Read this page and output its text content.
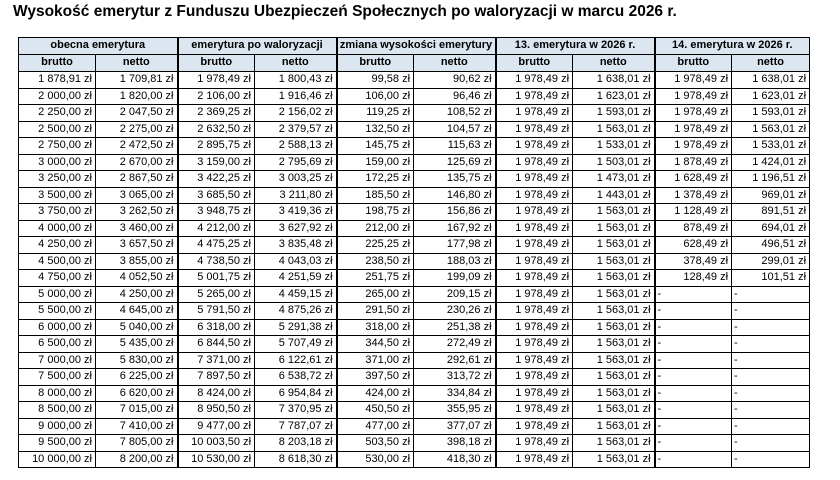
Wysokość emerytur z Funduszu Ubezpieczeń Społecznych po waloryzacji w marcu 2026 r.
obecna emerytura		emerytura po waloryzacji		zmiana wysokości emerytury		13. emerytura w 2026 r.		14. emerytura w 2026 r.	
brutto	netto	brutto	netto	brutto	netto	brutto	netto	brutto	netto
1 878,91 zł	1 709,81 zł	1 978,49 zł	1 800,43 zł	99,58 zł	90,62 zł	1 978,49 zł	1 638,01 zł	1 978,49 zł	1 638,01 zł
2 000,00 zł	1 820,00 zł	2 106,00 zł	1 916,46 zł	106,00 zł	96,46 zł	1 978,49 zł	1 623,01 zł	1 978,49 zł	1 623,01 zł
2 250,00 zł	2 047,50 zł	2 369,25 zł	2 156,02 zł	119,25 zł	108,52 zł	1 978,49 zł	1 593,01 zł	1 978,49 zł	1 593,01 zł
2 500,00 zł	2 275,00 zł	2 632,50 zł	2 379,57 zł	132,50 zł	104,57 zł	1 978,49 zł	1 563,01 zł	1 978,49 zł	1 563,01 zł
2 750,00 zł	2 472,50 zł	2 895,75 zł	2 588,13 zł	145,75 zł	115,63 zł	1 978,49 zł	1 533,01 zł	1 978,49 zł	1 533,01 zł
3 000,00 zł	2 670,00 zł	3 159,00 zł	2 795,69 zł	159,00 zł	125,69 zł	1 978,49 zł	1 503,01 zł	1 878,49 zł	1 424,01 zł
3 250,00 zł	2 867,50 zł	3 422,25 zł	3 003,25 zł	172,25 zł	135,75 zł	1 978,49 zł	1 473,01 zł	1 628,49 zł	1 196,51 zł
3 500,00 zł	3 065,00 zł	3 685,50 zł	3 211,80 zł	185,50 zł	146,80 zł	1 978,49 zł	1 443,01 zł	1 378,49 zł	969,01 zł
3 750,00 zł	3 262,50 zł	3 948,75 zł	3 419,36 zł	198,75 zł	156,86 zł	1 978,49 zł	1 563,01 zł	1 128,49 zł	891,51 zł
4 000,00 zł	3 460,00 zł	4 212,00 zł	3 627,92 zł	212,00 zł	167,92 zł	1 978,49 zł	1 563,01 zł	878,49 zł	694,01 zł
4 250,00 zł	3 657,50 zł	4 475,25 zł	3 835,48 zł	225,25 zł	177,98 zł	1 978,49 zł	1 563,01 zł	628,49 zł	496,51 zł
4 500,00 zł	3 855,00 zł	4 738,50 zł	4 043,03 zł	238,50 zł	188,03 zł	1 978,49 zł	1 563,01 zł	378,49 zł	299,01 zł
4 750,00 zł	4 052,50 zł	5 001,75 zł	4 251,59 zł	251,75 zł	199,09 zł	1 978,49 zł	1 563,01 zł	128,49 zł	101,51 zł
5 000,00 zł	4 250,00 zł	5 265,00 zł	4 459,15 zł	265,00 zł	209,15 zł	1 978,49 zł	1 563,01 zł	-	-
5 500,00 zł	4 645,00 zł	5 791,50 zł	4 875,26 zł	291,50 zł	230,26 zł	1 978,49 zł	1 563,01 zł	-	-
6 000,00 zł	5 040,00 zł	6 318,00 zł	5 291,38 zł	318,00 zł	251,38 zł	1 978,49 zł	1 563,01 zł	-	-
6 500,00 zł	5 435,00 zł	6 844,50 zł	5 707,49 zł	344,50 zł	272,49 zł	1 978,49 zł	1 563,01 zł	-	-
7 000,00 zł	5 830,00 zł	7 371,00 zł	6 122,61 zł	371,00 zł	292,61 zł	1 978,49 zł	1 563,01 zł	-	-
7 500,00 zł	6 225,00 zł	7 897,50 zł	6 538,72 zł	397,50 zł	313,72 zł	1 978,49 zł	1 563,01 zł	-	-
8 000,00 zł	6 620,00 zł	8 424,00 zł	6 954,84 zł	424,00 zł	334,84 zł	1 978,49 zł	1 563,01 zł	-	-
8 500,00 zł	7 015,00 zł	8 950,50 zł	7 370,95 zł	450,50 zł	355,95 zł	1 978,49 zł	1 563,01 zł	-	-
9 000,00 zł	7 410,00 zł	9 477,00 zł	7 787,07 zł	477,00 zł	377,07 zł	1 978,49 zł	1 563,01 zł	-	-
9 500,00 zł	7 805,00 zł	10 003,50 zł	8 203,18 zł	503,50 zł	398,18 zł	1 978,49 zł	1 563,01 zł	-	-
10 000,00 zł	8 200,00 zł	10 530,00 zł	8 618,30 zł	530,00 zł	418,30 zł	1 978,49 zł	1 563,01 zł	-	-
